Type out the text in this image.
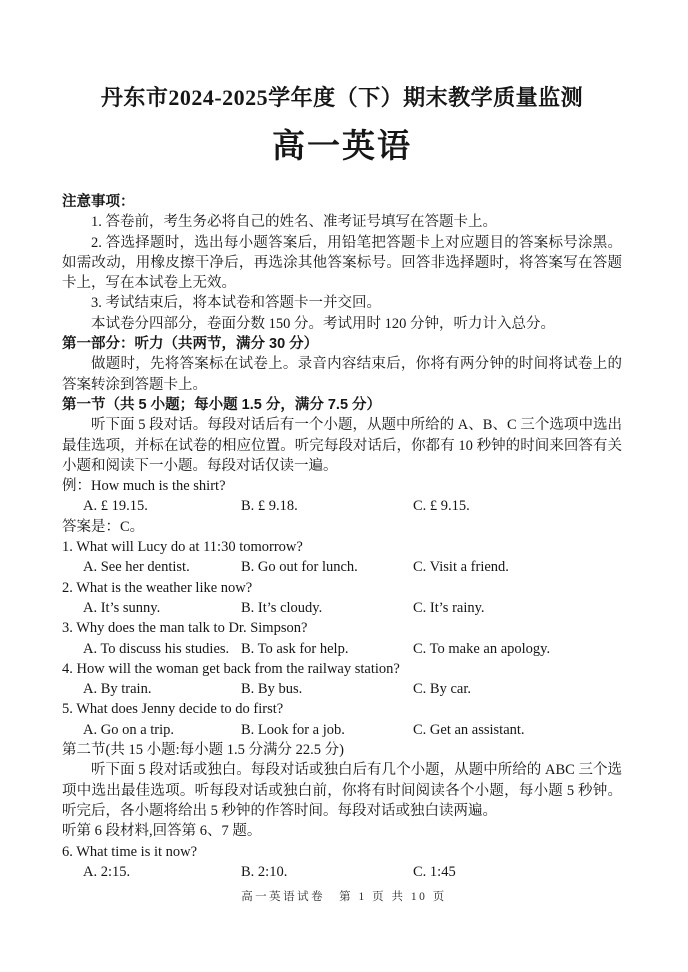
丹东市2024-2025学年度（下）期末教学质量监测
高一英语

注意事项：

1. 答卷前，考生务必将自己的姓名、准考证号填写在答题卡上。

2. 答选择题时，选出每小题答案后，用铅笔把答题卡上对应题目的答案标号涂黑。如需改动，用橡皮擦干净后，再选涂其他答案标号。回答非选择题时，将答案写在答题卡上，写在本试卷上无效。

3. 考试结束后，将本试卷和答题卡一并交回。

本试卷分四部分，卷面分数 150 分。考试用时 120 分钟，听力计入总分。

第一部分：听力（共两节，满分 30 分）

做题时，先将答案标在试卷上。录音内容结束后，你将有两分钟的时间将试卷上的答案转涂到答题卡上。

第一节（共 5 小题；每小题 1.5 分，满分 7.5 分）

听下面 5 段对话。每段对话后有一个小题，从题中所给的 A、B、C 三个选项中选出最佳选项，并标在试卷的相应位置。听完每段对话后，你都有 10 秒钟的时间来回答有关小题和阅读下一小题。每段对话仅读一遍。

例：How much is the shirt?

A. £ 19.15.	B. £ 9.18.	C. £ 9.15.

答案是：C。

1. What will Lucy do at 11:30 tomorrow?

A. See her dentist.	B. Go out for lunch.	C. Visit a friend.

2. What is the weather like now?

A. It’s sunny.	B. It’s cloudy.	C. It’s rainy.

3. Why does the man talk to Dr. Simpson?

A. To discuss his studies. B. To ask for help.	C. To make an apology.

4. How will the woman get back from the railway station?

A. By train.	B. By bus.	C. By car.

5. What does Jenny decide to do first?

A. Go on a trip.	B. Look for a job.	C. Get an assistant.

第二节(共 15 小题:每小题 1.5 分满分 22.5 分)

听下面 5 段对话或独白。每段对话或独白后有几个小题，从题中所给的 ABC 三个选项中选出最佳选项。听每段对话或独白前，你将有时间阅读各个小题，每小题 5 秒钟。听完后，各小题将给出 5 秒钟的作答时间。每段对话或独白读两遍。

听第 6 段材料,回答第 6、7 题。

6. What time is it now?

A. 2:15.	B. 2:10.	C. 1:45
高一英语试卷　第 1 页 共 10 页
